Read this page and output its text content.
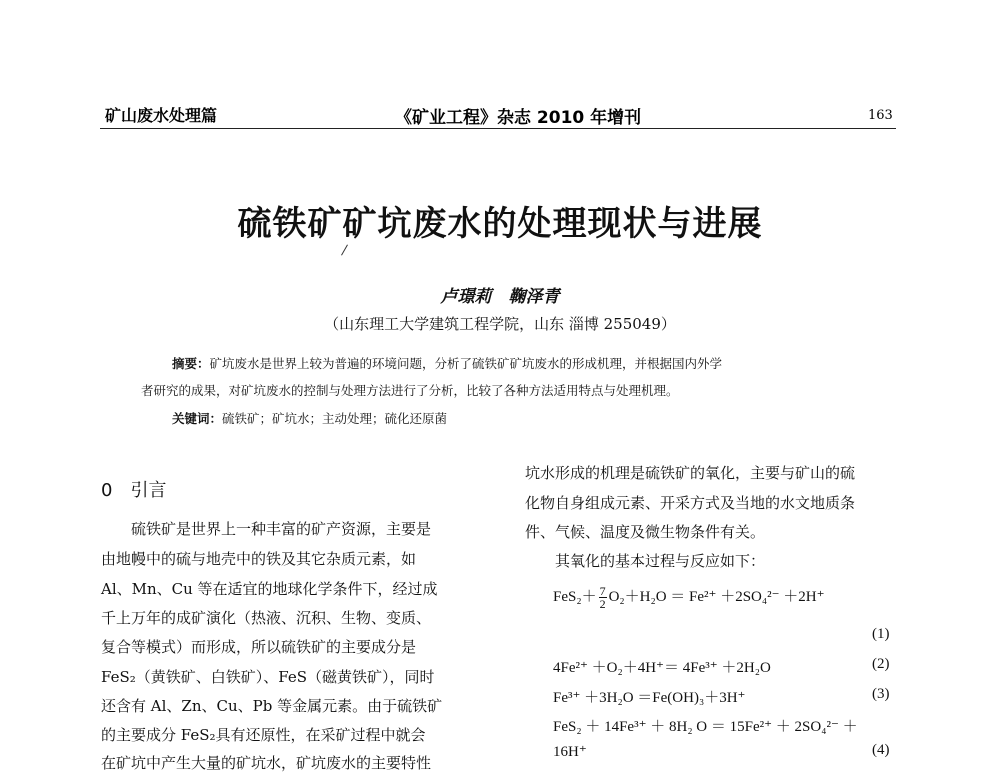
矿山废水处理篇	《矿业工程》杂志 2010 年增刊	163
硫铁矿矿坑废水的处理现状与进展
卢璟莉　鞠泽青
（山东理工大学建筑工程学院，山东 淄博 255049）
摘要：矿坑废水是世界上较为普遍的环境问题，分析了硫铁矿矿坑废水的形成机理，并根据国内外学
者研究的成果，对矿坑废水的控制与处理方法进行了分析，比较了各种方法适用特点与处理机理。
关键词：硫铁矿；矿坑水；主动处理；硫化还原菌
0　引言
　　硫铁矿是世界上一种丰富的矿产资源，主要是
由地幔中的硫与地壳中的铁及其它杂质元素，如
Al、Mn、Cu 等在适宜的地球化学条件下，经过成
千上万年的成矿演化（热液、沉积、生物、变质、
复合等模式）而形成，所以硫铁矿的主要成分是
FeS₂（黄铁矿、白铁矿）、FeS（磁黄铁矿），同时
还含有 Al、Zn、Cu、Pb 等金属元素。由于硫铁矿
的主要成分 FeS₂具有还原性，在采矿过程中就会
在矿坑中产生大量的矿坑水，矿坑废水的主要特性
坑水形成的机理是硫铁矿的氧化，主要与矿山的硫
化物自身组成元素、开采方式及当地的水文地质条
件、气候、温度及微生物条件有关。
　　其氧化的基本过程与反应如下：
$FeS_2+ \frac{7}{2} O_2+H_2O = Fe^{2+} +2SO_4^{2-} +2H^+$
(1)
4Fe²⁺ ＋O₂＋4H⁺＝ 4Fe³⁺ ＋2H₂O	(2)
Fe³⁺ ＋3H₂O ＝Fe(OH)₃＋3H⁺	(3)
FeS₂ ＋ 14Fe³⁺ ＋ 8H₂ O ＝ 15Fe²⁺ ＋ 2SO₄²⁻ ＋
16H⁺	(4)
